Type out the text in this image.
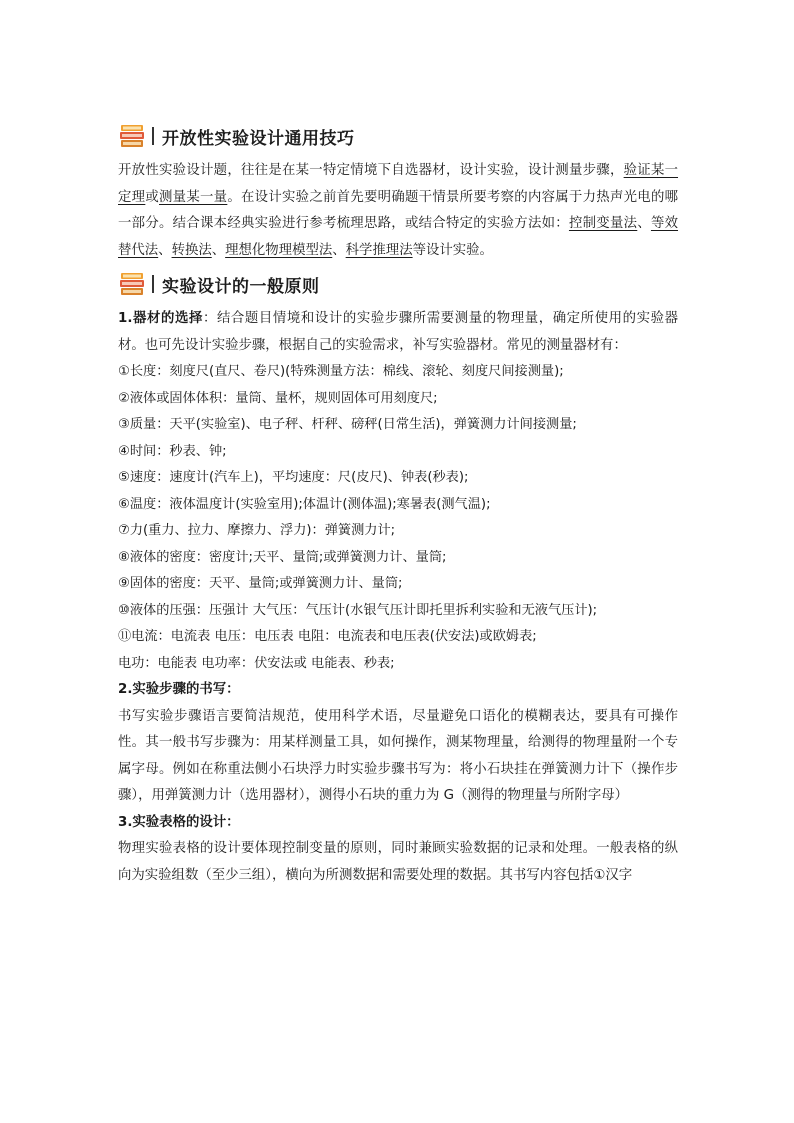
开放性实验设计通用技巧

开放性实验设计题，往往是在某一特定情境下自选器材，设计实验，设计测量步骤，验证某一定理或测量某一量。在设计实验之前首先要明确题干情景所要考察的内容属于力热声光电的哪一部分。结合课本经典实验进行参考梳理思路，或结合特定的实验方法如：控制变量法、等效替代法、转换法、理想化物理模型法、科学推理法等设计实验。

实验设计的一般原则

1.器材的选择：结合题目情境和设计的实验步骤所需要测量的物理量，确定所使用的实验器材。也可先设计实验步骤，根据自己的实验需求，补写实验器材。常见的测量器材有：

①长度：刻度尺(直尺、卷尺)(特殊测量方法：棉线、滚轮、刻度尺间接测量);

②液体或固体体积：量筒、量杯，规则固体可用刻度尺;

③质量：天平(实验室)、电子秤、杆秤、磅秤(日常生活)，弹簧测力计间接测量;

④时间：秒表、钟;

⑤速度：速度计(汽车上)，平均速度：尺(皮尺)、钟表(秒表);

⑥温度：液体温度计(实验室用);体温计(测体温);寒暑表(测气温);

⑦力(重力、拉力、摩擦力、浮力)：弹簧测力计;

⑧液体的密度：密度计;天平、量筒;或弹簧测力计、量筒;

⑨固体的密度：天平、量筒;或弹簧测力计、量筒;

⑩液体的压强：压强计 大气压：气压计(水银气压计即托里拆利实验和无液气压计);

⑪电流：电流表 电压：电压表 电阻：电流表和电压表(伏安法)或欧姆表;

电功：电能表 电功率：伏安法或 电能表、秒表;

2.实验步骤的书写：

书写实验步骤语言要简洁规范，使用科学术语，尽量避免口语化的模糊表达，要具有可操作性。其一般书写步骤为：用某样测量工具，如何操作，测某物理量，给测得的物理量附一个专属字母。例如在称重法侧小石块浮力时实验步骤书写为：将小石块挂在弹簧测力计下（操作步骤），用弹簧测力计（选用器材），测得小石块的重力为 G（测得的物理量与所附字母）

3.实验表格的设计：

物理实验表格的设计要体现控制变量的原则，同时兼顾实验数据的记录和处理。一般表格的纵向为实验组数（至少三组），横向为所测数据和需要处理的数据。其书写内容包括①汉字
